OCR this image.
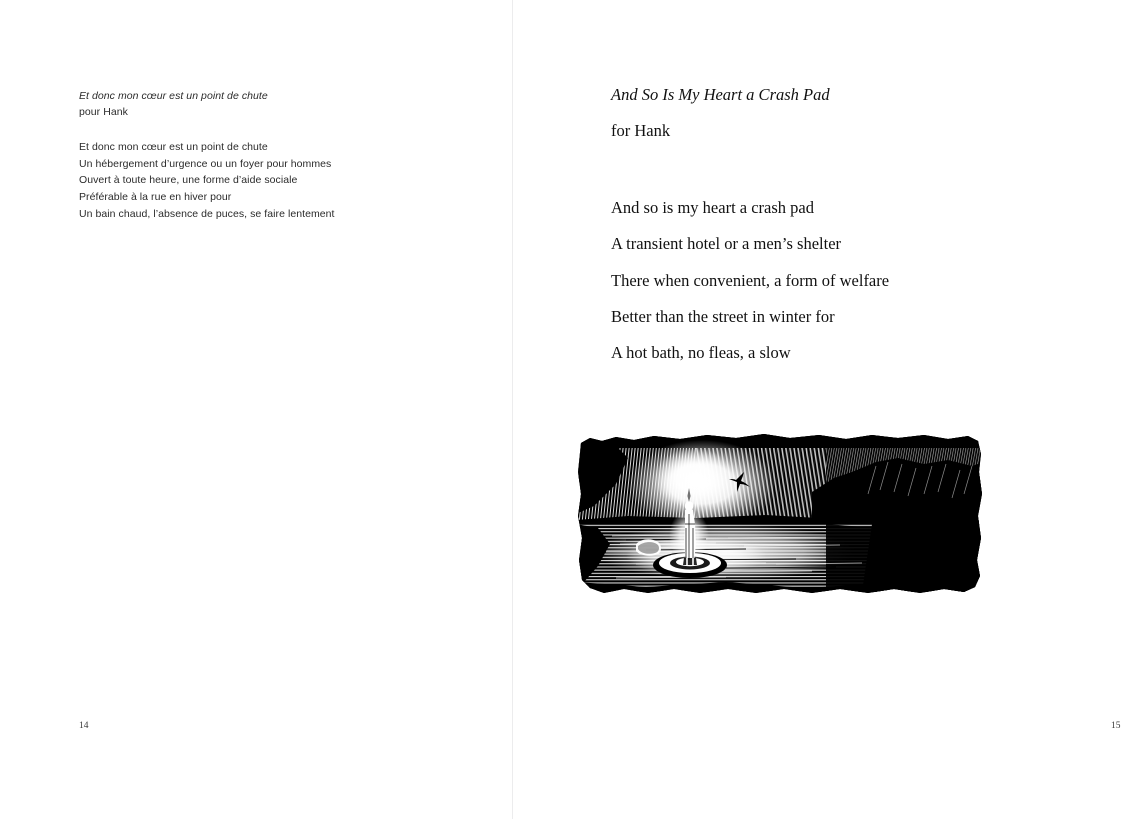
Et donc mon cœur est un point de chute
pour Hank
Et donc mon cœur est un point de chute
Un hébergement d’urgence ou un foyer pour hommes
Ouvert à toute heure, une forme d’aide sociale
Préférable à la rue en hiver pour
Un bain chaud, l’absence de puces, se faire lentement
14
And So Is My Heart a Crash Pad
for Hank
And so is my heart a crash pad
A transient hotel or a men’s shelter
There when convenient, a form of welfare
Better than the street in winter for
A hot bath, no fleas, a slow
15
